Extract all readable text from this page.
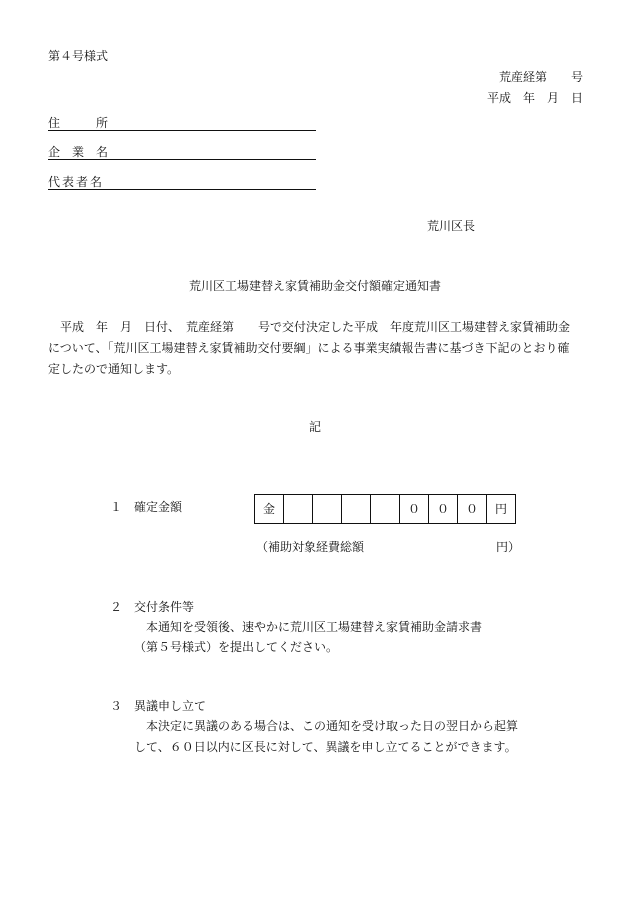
第４号様式
荒産経第　　号
平成　年　月　日
住　　　所
企　業　名
代表者名
荒川区長
荒川区工場建替え家賃補助金交付額確定通知書
　平成　年　月　日付、　荒産経第　　号で交付決定した平成　年度荒川区工場建替え家賃補助金
について、「荒川区工場建替え家賃補助交付要綱」による事業実績報告書に基づき下記のとおり確
定したので通知します。
記
１ 確定金額	金					０	０	０	円
（補助対象経費総額　　　　　　　　　　　円）
２ 交付条件等
本通知を受領後、速やかに荒川区工場建替え家賃補助金請求書
（第５号様式）を提出してください。
３ 異議申し立て
本決定に異議のある場合は、この通知を受け取った日の翌日から起算
して、６０日以内に区長に対して、異議を申し立てることができます。
